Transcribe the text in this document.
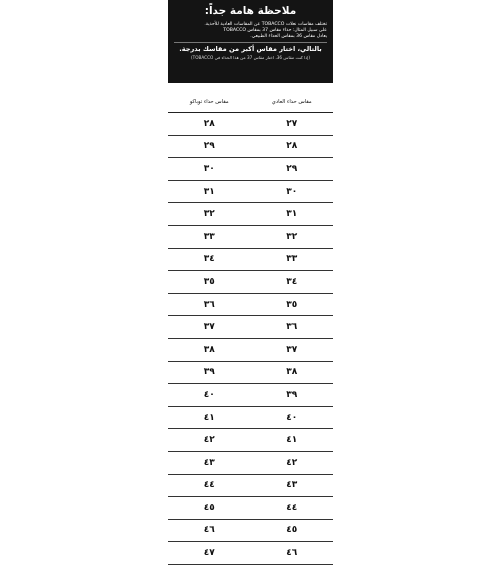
ملاحظة هامة جداً:
تختلف مقاسات نعلات TOBACCO عن المقاسات العادية للأحذية.
على سبيل المثال: حذاء مقاس 37 بمقاس TOBACCO
يعادل مقاس 36 بمقاس الحذاء الطبيعي.
بالتالي، اختار مقاس أكبر من مقاسك بدرجة.
(إذا كنت مقاس 36، اختار مقاس 37 من هذا الحذاء في TOBACCO)
مقاس حذاء توباكو	مقاس حذاء العادي
٢٨	٢٧
٢٩	٢٨
٣٠	٢٩
٣١	٣٠
٣٢	٣١
٣٣	٣٢
٣٤	٣٣
٣٥	٣٤
٣٦	٣٥
٣٧	٣٦
٣٨	٣٧
٣٩	٣٨
٤٠	٣٩
٤١	٤٠
٤٢	٤١
٤٣	٤٢
٤٤	٤٣
٤٥	٤٤
٤٦	٤٥
٤٧	٤٦
